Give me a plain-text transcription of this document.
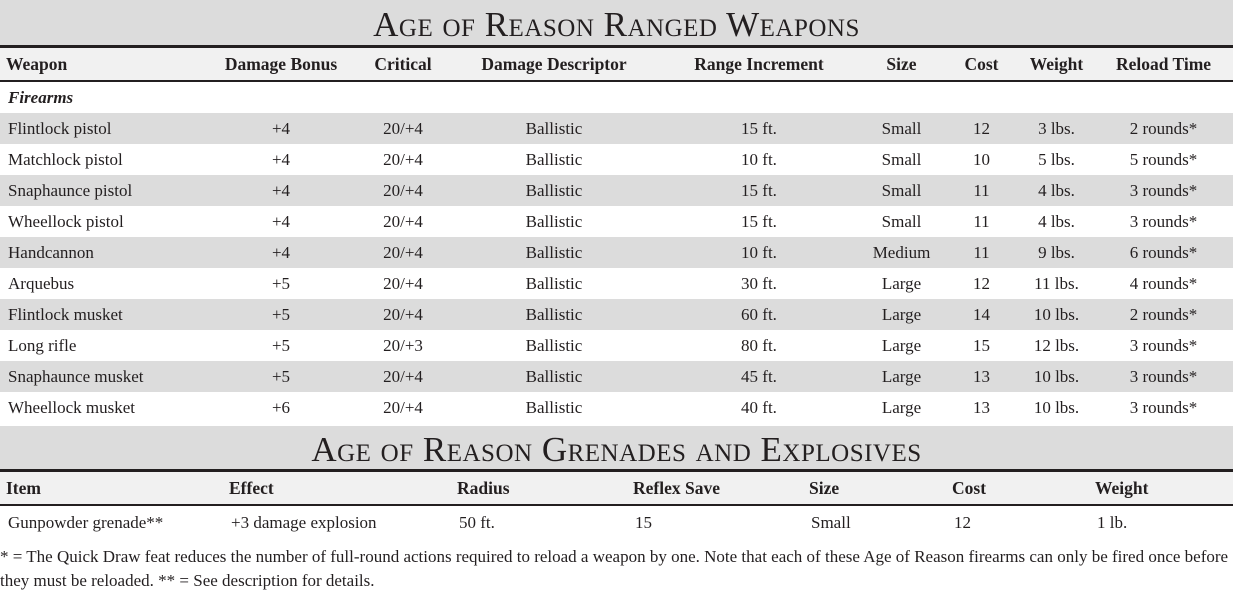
Age of Reason Ranged Weapons
Weapon	Damage Bonus	Critical	Damage Descriptor	Range Increment	Size	Cost	Weight	Reload Time
Firearms								
Flintlock pistol	+4	20/+4	Ballistic	15 ft.	Small	12	3 lbs.	2 rounds*
Matchlock pistol	+4	20/+4	Ballistic	10 ft.	Small	10	5 lbs.	5 rounds*
Snaphaunce pistol	+4	20/+4	Ballistic	15 ft.	Small	11	4 lbs.	3 rounds*
Wheellock pistol	+4	20/+4	Ballistic	15 ft.	Small	11	4 lbs.	3 rounds*
Handcannon	+4	20/+4	Ballistic	10 ft.	Medium	11	9 lbs.	6 rounds*
Arquebus	+5	20/+4	Ballistic	30 ft.	Large	12	11 lbs.	4 rounds*
Flintlock musket	+5	20/+4	Ballistic	60 ft.	Large	14	10 lbs.	2 rounds*
Long rifle	+5	20/+3	Ballistic	80 ft.	Large	15	12 lbs.	3 rounds*
Snaphaunce musket	+5	20/+4	Ballistic	45 ft.	Large	13	10 lbs.	3 rounds*
Wheellock musket	+6	20/+4	Ballistic	40 ft.	Large	13	10 lbs.	3 rounds*
Age of Reason Grenades and Explosives
Item	Effect	Radius	Reflex Save	Size	Cost	Weight
Gunpowder grenade**	+3 damage explosion	50 ft.	15	Small	12	1 lb.
* = The Quick Draw feat reduces the number of full-round actions required to reload a weapon by one. Note that each of these Age of Reason firearms can only be fired once before they must be reloaded. ** = See description for details.
